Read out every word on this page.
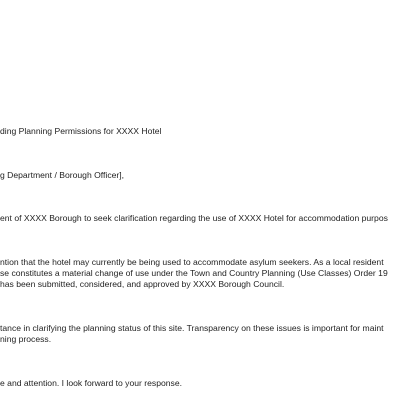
ding Planning Permissions for XXXX Hotel

g Department / Borough Officer],

ent of XXXX Borough to seek clarification regarding the use of XXXX Hotel for accommodation purpos

ntion that the hotel may currently be being used to accommodate asylum seekers. As a local resident

se constitutes a material change of use under the Town and Country Planning (Use Classes) Order 19

has been submitted, considered, and approved by XXXX Borough Council.

tance in clarifying the planning status of this site. Transparency on these issues is important for maint

ning process.

e and attention. I look forward to your response.
